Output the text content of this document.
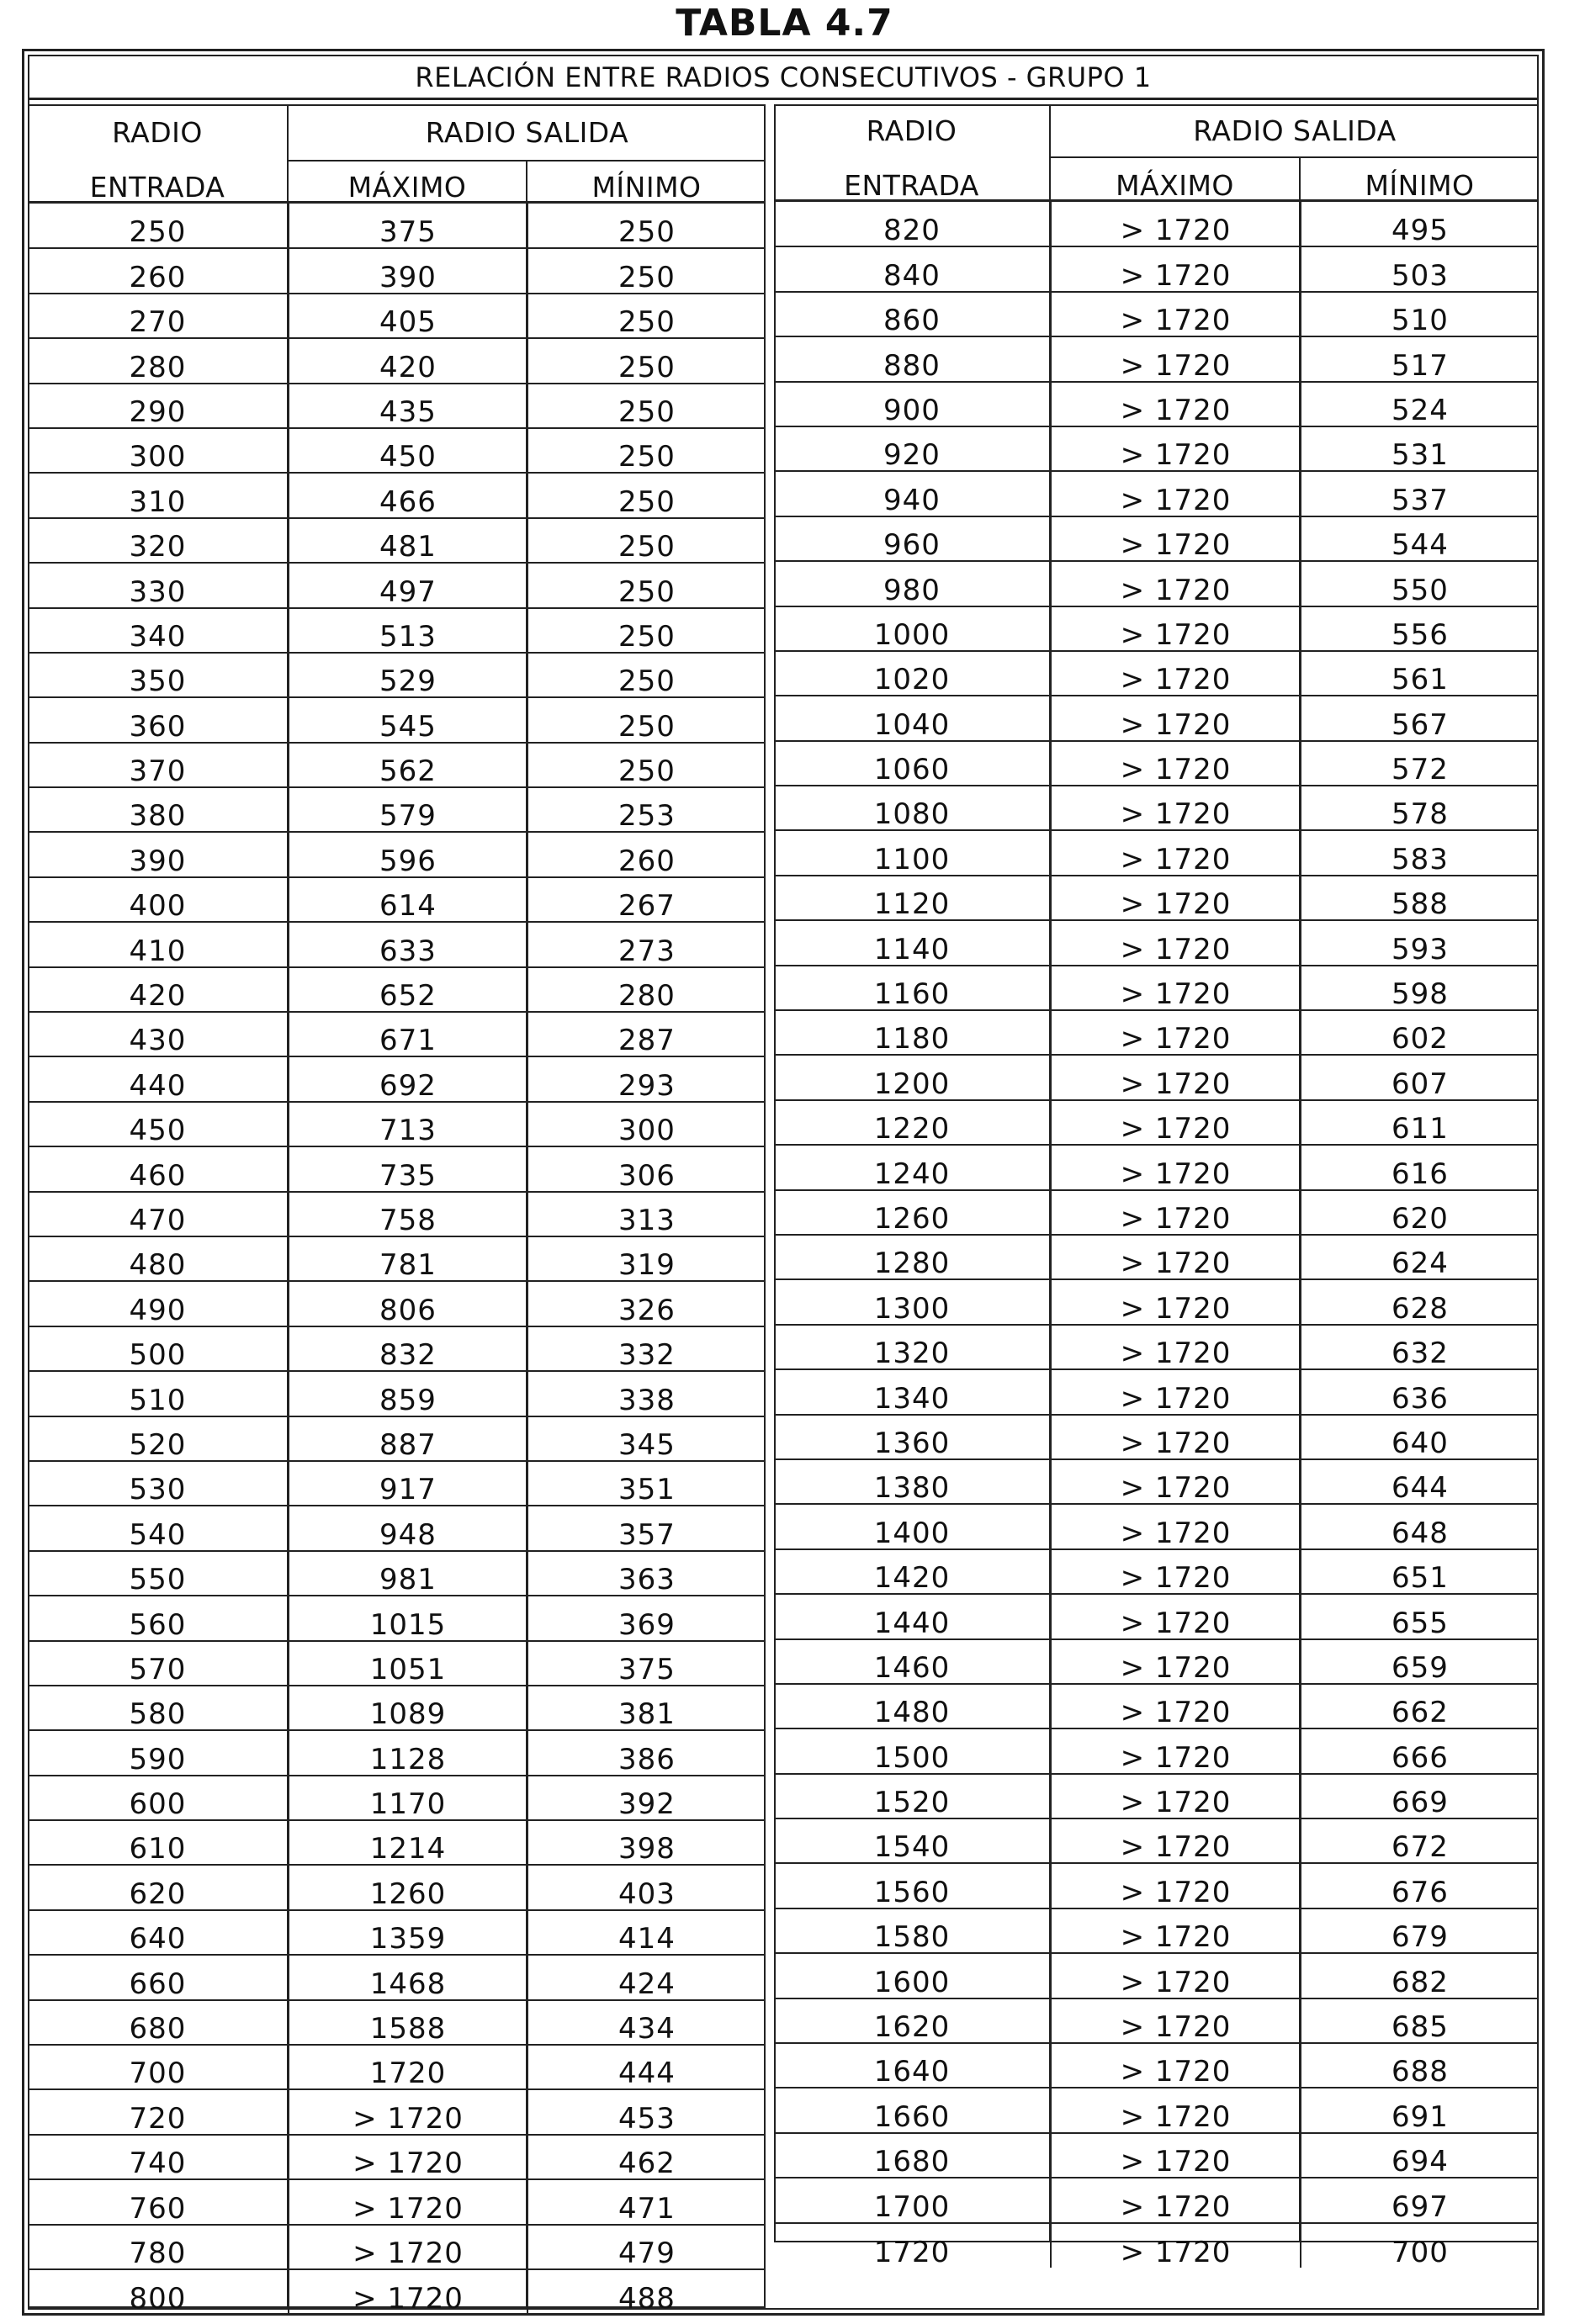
TABLA 4.7
RELACIÓN ENTRE RADIOS CONSECUTIVOS - GRUPO 1
RADIO
ENTRADA
RADIO SALIDA
MÁXIMO	MÍNIMO
250	375	250
260	390	250
270	405	250
280	420	250
290	435	250
300	450	250
310	466	250
320	481	250
330	497	250
340	513	250
350	529	250
360	545	250
370	562	250
380	579	253
390	596	260
400	614	267
410	633	273
420	652	280
430	671	287
440	692	293
450	713	300
460	735	306
470	758	313
480	781	319
490	806	326
500	832	332
510	859	338
520	887	345
530	917	351
540	948	357
550	981	363
560	1015	369
570	1051	375
580	1089	381
590	1128	386
600	1170	392
610	1214	398
620	1260	403
640	1359	414
660	1468	424
680	1588	434
700	1720	444
720	> 1720	453
740	> 1720	462
760	> 1720	471
780	> 1720	479
800	> 1720	488
RADIO
ENTRADA
RADIO SALIDA
MÁXIMO	MÍNIMO
820	> 1720	495
840	> 1720	503
860	> 1720	510
880	> 1720	517
900	> 1720	524
920	> 1720	531
940	> 1720	537
960	> 1720	544
980	> 1720	550
1000	> 1720	556
1020	> 1720	561
1040	> 1720	567
1060	> 1720	572
1080	> 1720	578
1100	> 1720	583
1120	> 1720	588
1140	> 1720	593
1160	> 1720	598
1180	> 1720	602
1200	> 1720	607
1220	> 1720	611
1240	> 1720	616
1260	> 1720	620
1280	> 1720	624
1300	> 1720	628
1320	> 1720	632
1340	> 1720	636
1360	> 1720	640
1380	> 1720	644
1400	> 1720	648
1420	> 1720	651
1440	> 1720	655
1460	> 1720	659
1480	> 1720	662
1500	> 1720	666
1520	> 1720	669
1540	> 1720	672
1560	> 1720	676
1580	> 1720	679
1600	> 1720	682
1620	> 1720	685
1640	> 1720	688
1660	> 1720	691
1680	> 1720	694
1700	> 1720	697
1720	> 1720	700
